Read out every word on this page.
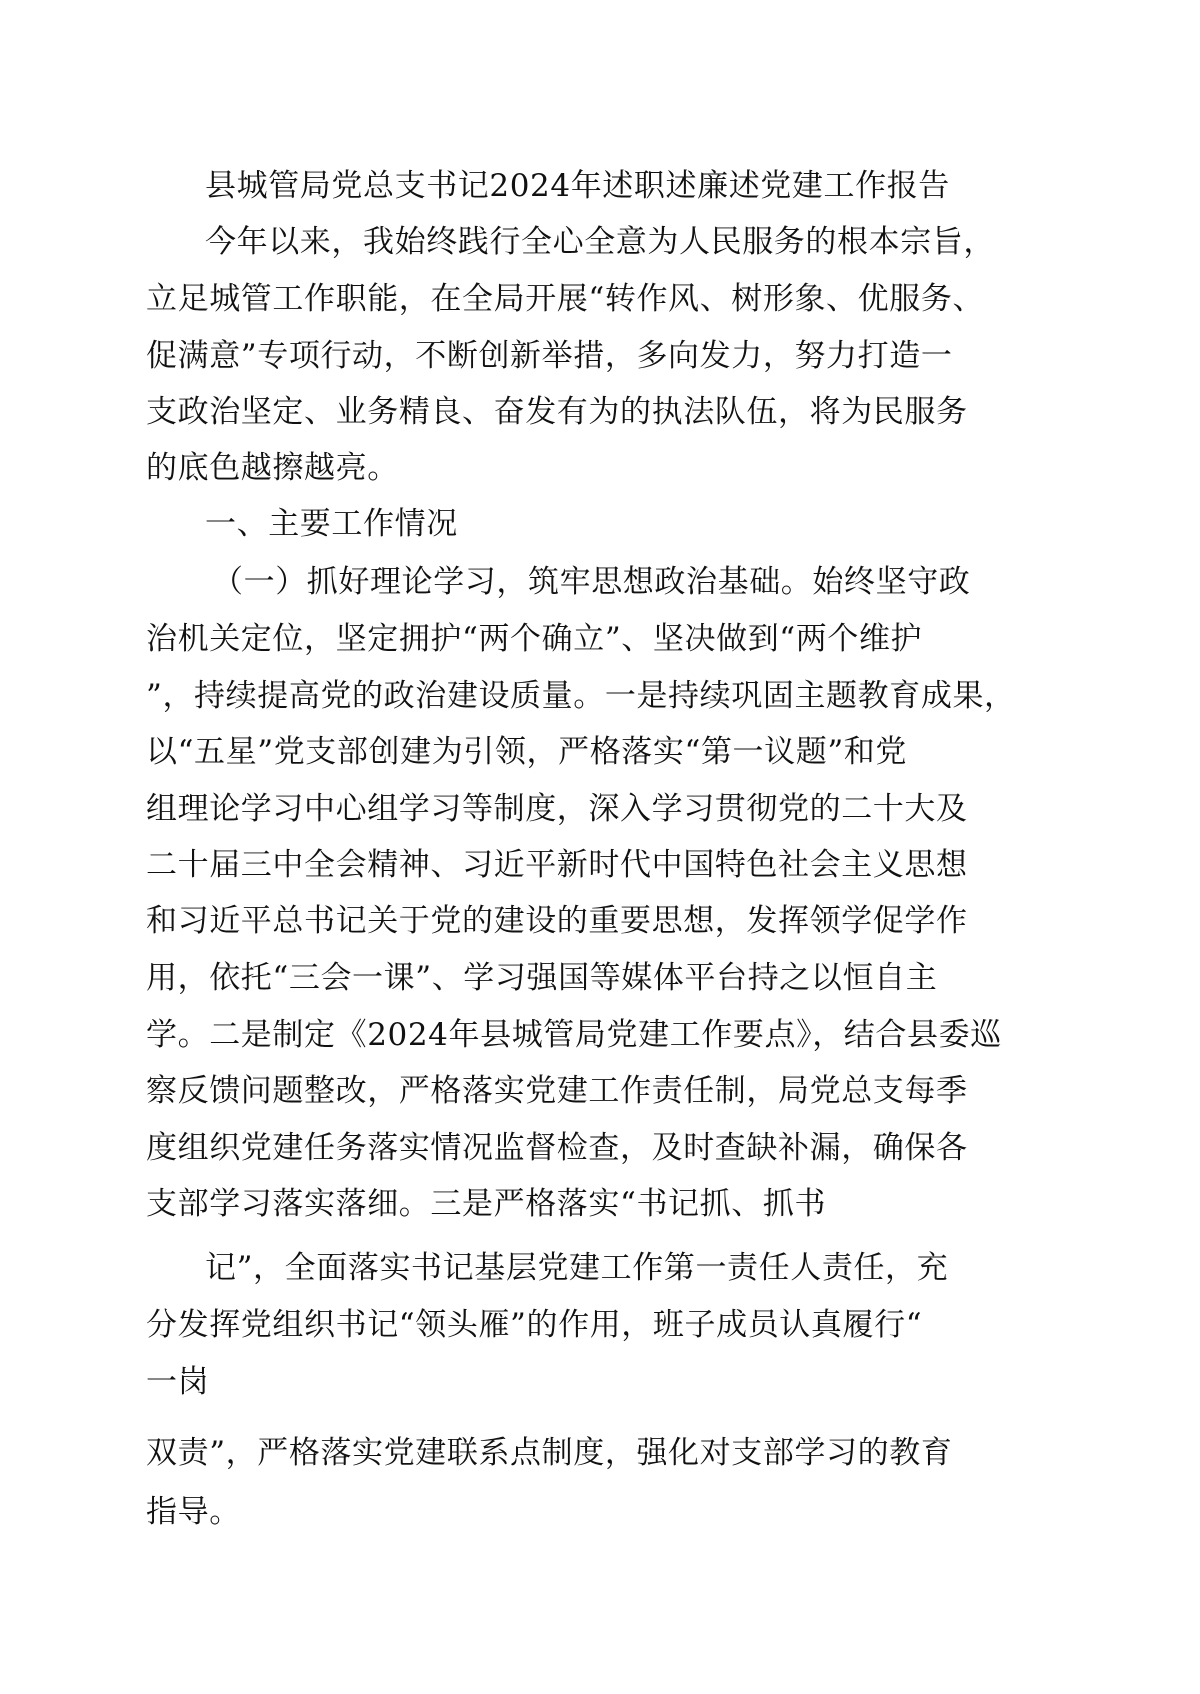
县城管局党总支书记2024年述职述廉述党建工作报告
今年以来，我始终践行全心全意为人民服务的根本宗旨，
立足城管工作职能，在全局开展“转作风、树形象、优服务、
促满意”专项行动，不断创新举措，多向发力，努力打造一
支政治坚定、业务精良、奋发有为的执法队伍，将为民服务
的底色越擦越亮。
一、主要工作情况
（一）抓好理论学习，筑牢思想政治基础。始终坚守政
治机关定位，坚定拥护“两个确立”、坚决做到“两个维护
”，持续提高党的政治建设质量。一是持续巩固主题教育成果，
以“五星”党支部创建为引领，严格落实“第一议题”和党
组理论学习中心组学习等制度，深入学习贯彻党的二十大及
二十届三中全会精神、习近平新时代中国特色社会主义思想
和习近平总书记关于党的建设的重要思想，发挥领学促学作
用，依托“三会一课”、学习强国等媒体平台持之以恒自主
学。二是制定《2024年县城管局党建工作要点》，结合县委巡
察反馈问题整改，严格落实党建工作责任制，局党总支每季
度组织党建任务落实情况监督检查，及时查缺补漏，确保各
支部学习落实落细。三是严格落实“书记抓、抓书
记”，全面落实书记基层党建工作第一责任人责任，充
分发挥党组织书记“领头雁”的作用，班子成员认真履行“
一岗
双责”，严格落实党建联系点制度，强化对支部学习的教育
指导。
